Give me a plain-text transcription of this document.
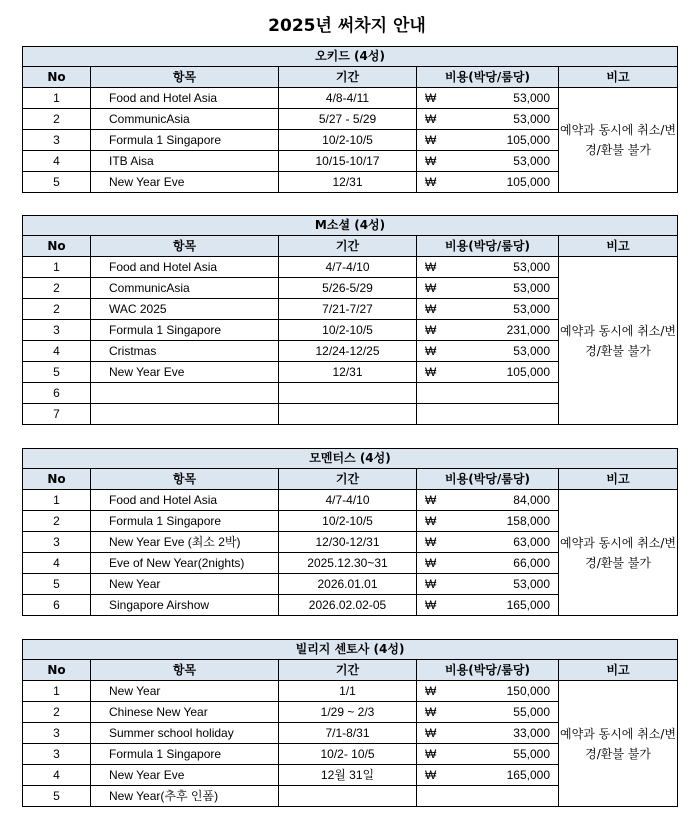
2025년 써차지 안내
오키드 (4성)				
No	항목	기간	비용(박당/룸당)	비고
1	Food and Hotel Asia	4/8-4/11	₩ 53,000	예약과 동시에 취소/변경/환불 불가
2	CommunicAsia	5/27 - 5/29	₩ 53,000	

3	Formula 1 Singapore	10/2-10/5	₩ 105,000	

4	ITB Aisa	10/15-10/17	₩ 53,000	

5	New Year Eve	12/31	₩ 105,000	
M소셜 (4성)				
No	항목	기간	비용(박당/룸당)	비고
1	Food and Hotel Asia	4/7-4/10	₩ 53,000	예약과 동시에 취소/변경/환불 불가
2	CommunicAsia	5/26-5/29	₩ 53,000	

2	WAC 2025	7/21-7/27	₩ 53,000	

3	Formula 1 Singapore	10/2-10/5	₩ 231,000	

4	Cristmas	12/24-12/25	₩ 53,000	

5	New Year Eve	12/31	₩ 105,000	

6				
7				
모멘터스 (4성)				
No	항목	기간	비용(박당/룸당)	비고
1	Food and Hotel Asia	4/7-4/10	₩ 84,000	예약과 동시에 취소/변경/환불 불가
2	Formula 1 Singapore	10/2-10/5	₩ 158,000	

3	New Year Eve (최소 2박)	12/30-12/31	₩ 63,000	

4	Eve of New Year(2nights)	2025.12.30~31	₩ 66,000	

5	New Year	2026.01.01	₩ 53,000	

6	Singapore Airshow	2026.02.02-05	₩ 165,000	
빌리지 센토사 (4성)				
No	항목	기간	비용(박당/룸당)	비고
1	New Year	1/1	₩ 150,000	예약과 동시에 취소/변경/환불 불가
2	Chinese New Year	1/29 ~ 2/3	₩ 55,000	

3	Summer school holiday	7/1-8/31	₩ 33,000	

3	Formula 1 Singapore	10/2- 10/5	₩ 55,000	

4	New Year Eve	12월 31일	₩ 165,000	

5	New Year(추후 인폼)			
